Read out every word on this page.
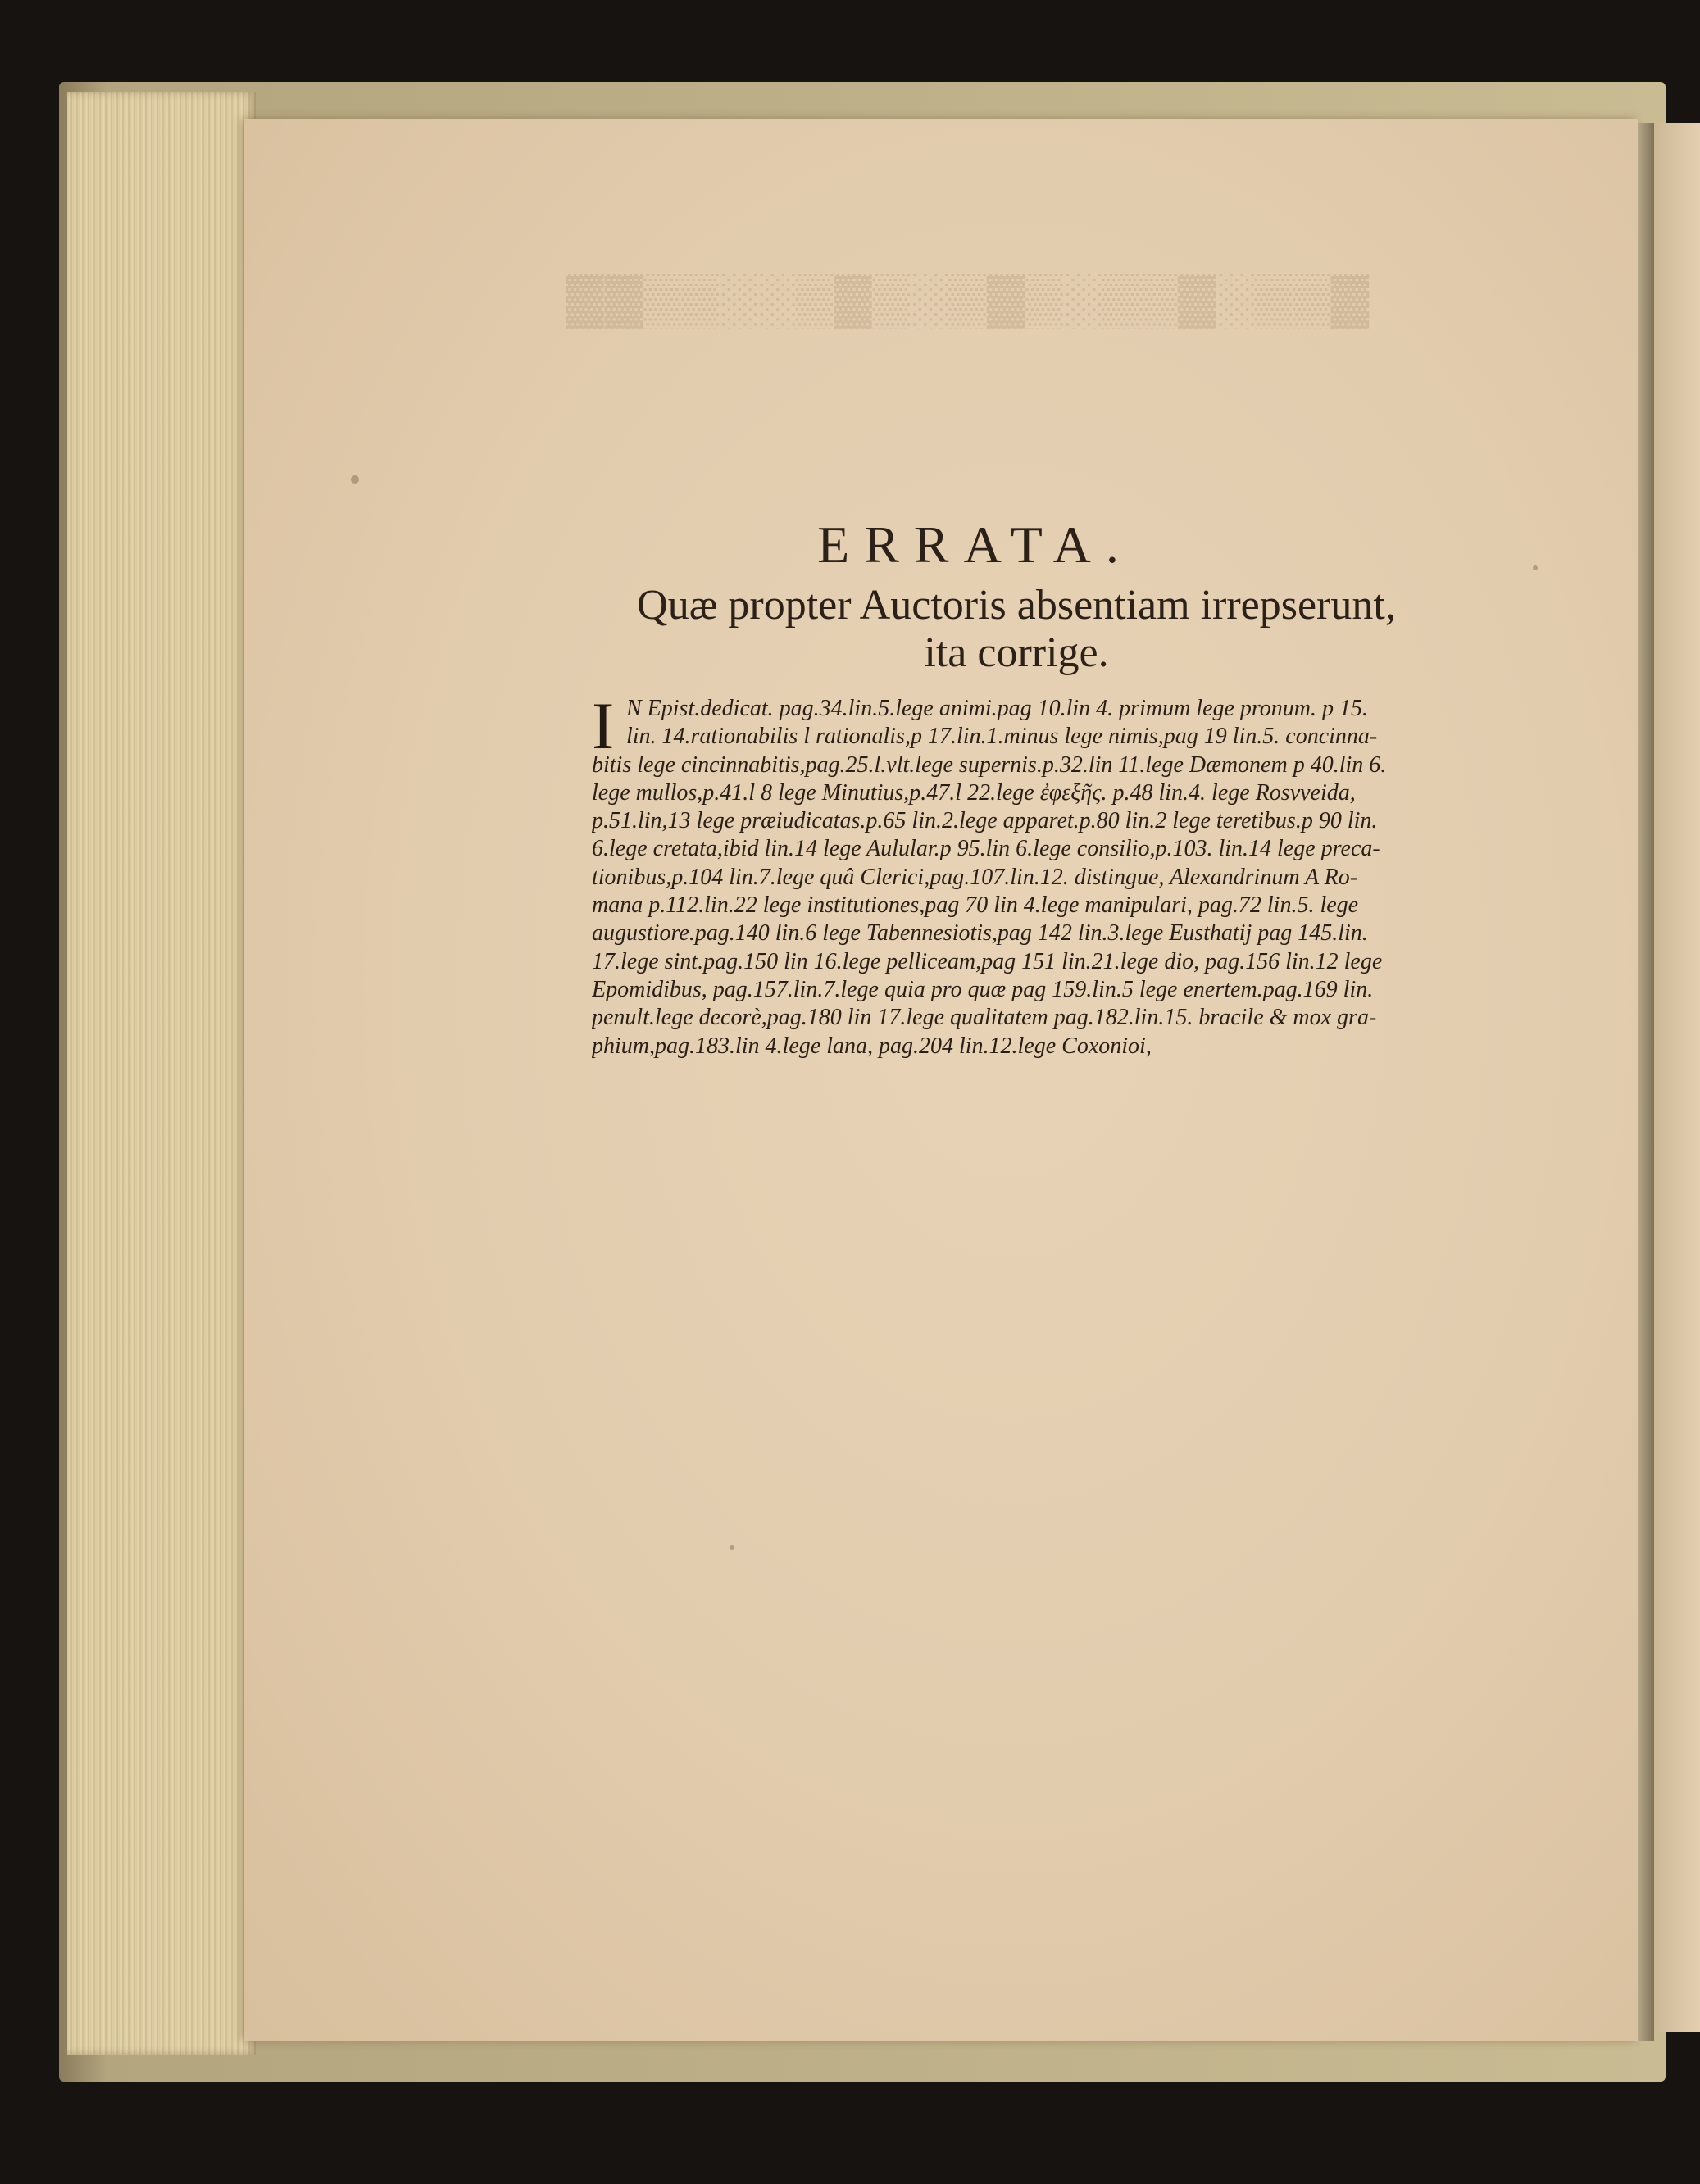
▓▓▒▒░░▒▓▒░▒▓▒░▒▒▓░▒▒▓
ERRATA.
Quæ propter Auctoris absentiam irrepserunt,
ita corrige.
I N Epist.dedicat. pag.34.lin.5.lege animi.pag 10.lin 4. primum lege pronum. p 15.
lin. 14.rationabilis l rationalis,p 17.lin.1.minus lege nimis,pag 19 lin.5. concinna-
bitis lege cincinnabitis,pag.25.l.vlt.lege supernis.p.32.lin 11.lege Dæmonem p 40.lin 6.
lege mullos,p.41.l 8 lege Minutius,p.47.l 22.lege ἐφεξῆς. p.48 lin.4. lege Rosvveida,
p.51.lin,13 lege præiudicatas.p.65 lin.2.lege apparet.p.80 lin.2 lege teretibus.p 90 lin.
6.lege cretata,ibid lin.14 lege Aulular.p 95.lin 6.lege consilio,p.103. lin.14 lege preca-
tionibus,p.104 lin.7.lege quâ Clerici,pag.107.lin.12. distingue, Alexandrinum A Ro-
mana p.112.lin.22 lege institutiones,pag 70 lin 4.lege manipulari, pag.72 lin.5. lege
augustiore.pag.140 lin.6 lege Tabennesiotis,pag 142 lin.3.lege Eusthatij pag 145.lin.
17.lege sint.pag.150 lin 16.lege pelliceam,pag 151 lin.21.lege dio, pag.156 lin.12 lege
Epomidibus, pag.157.lin.7.lege quia pro quæ pag 159.lin.5 lege enertem.pag.169 lin.
penult.lege decorè,pag.180 lin 17.lege qualitatem pag.182.lin.15. bracile & mox gra-
phium,pag.183.lin 4.lege lana, pag.204 lin.12.lege Coxonioi,
